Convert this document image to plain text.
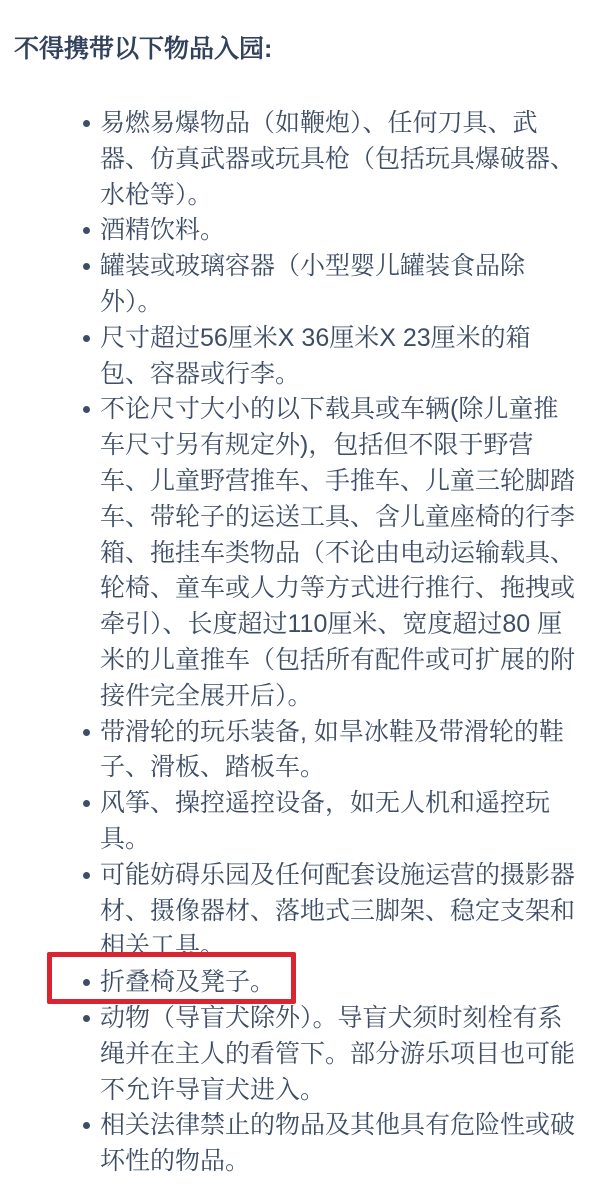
不得携带以下物品入园:
易燃易爆物品（如鞭炮）、任何刀具、武器、仿真武器或玩具枪（包括玩具爆破器、水枪等）。
酒精饮料。
罐装或玻璃容器（小型婴儿罐装食品除外）。
尺寸超过56厘米X 36厘米X 23厘米的箱包、容器或行李。
不论尺寸大小的以下载具或车辆(除儿童推车尺寸另有规定外)，包括但不限于野营车、儿童野营推车、手推车、儿童三轮脚踏车、带轮子的运送工具、含儿童座椅的行李箱、拖挂车类物品（不论由电动运输载具、轮椅、童车或人力等方式进行推行、拖拽或牵引）、长度超过110厘米、宽度超过80 厘米的儿童推车（包括所有配件或可扩展的附接件完全展开后）。
带滑轮的玩乐装备, 如旱冰鞋及带滑轮的鞋子、滑板、踏板车。
风筝、操控遥控设备，如无人机和遥控玩具。
可能妨碍乐园及任何配套设施运营的摄影器材、摄像器材、落地式三脚架、稳定支架和相关工具。
折叠椅及凳子。
动物（导盲犬除外）。导盲犬须时刻栓有系绳并在主人的看管下。部分游乐项目也可能不允许导盲犬进入。
相关法律禁止的物品及其他具有危险性或破坏性的物品。
